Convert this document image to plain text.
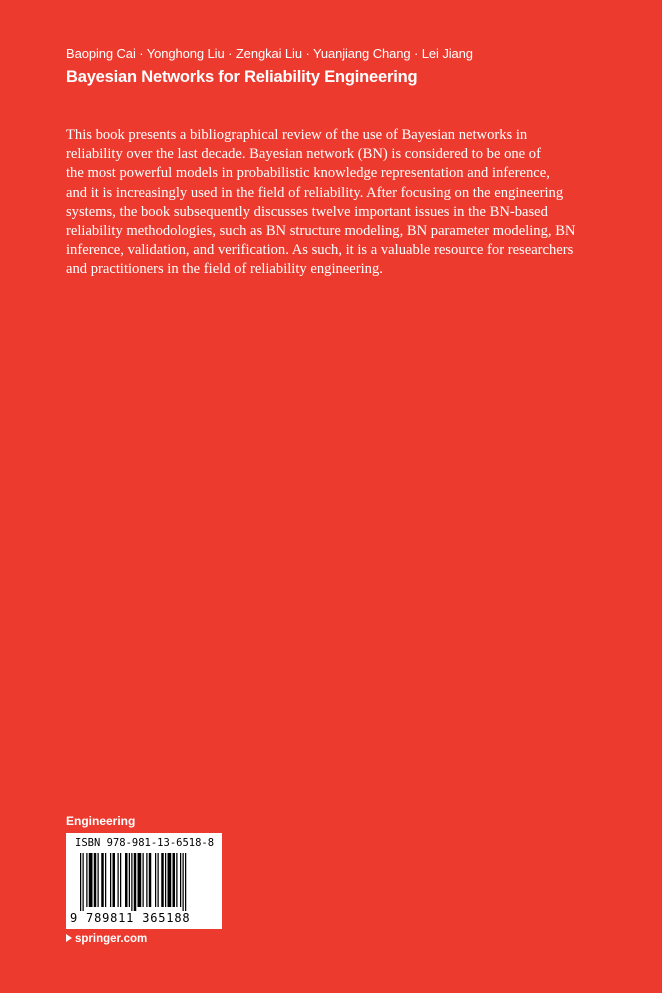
Baoping Cai · Yonghong Liu · Zengkai Liu · Yuanjiang Chang · Lei Jiang
Bayesian Networks for Reliability Engineering

This book presents a bibliographical review of the use of Bayesian networks in
reliability over the last decade. Bayesian network (BN) is considered to be one of
the most powerful models in probabilistic knowledge representation and inference,
and it is increasingly used in the field of reliability. After focusing on the engineering
systems, the book subsequently discusses twelve important issues in the BN-based
reliability methodologies, such as BN structure modeling, BN parameter modeling, BN
inference, validation, and verification. As such, it is a valuable resource for researchers
and practitioners in the field of reliability engineering.

Engineering
ISBN 978-981-13-6518-8
9 789811 365188
springer.com
